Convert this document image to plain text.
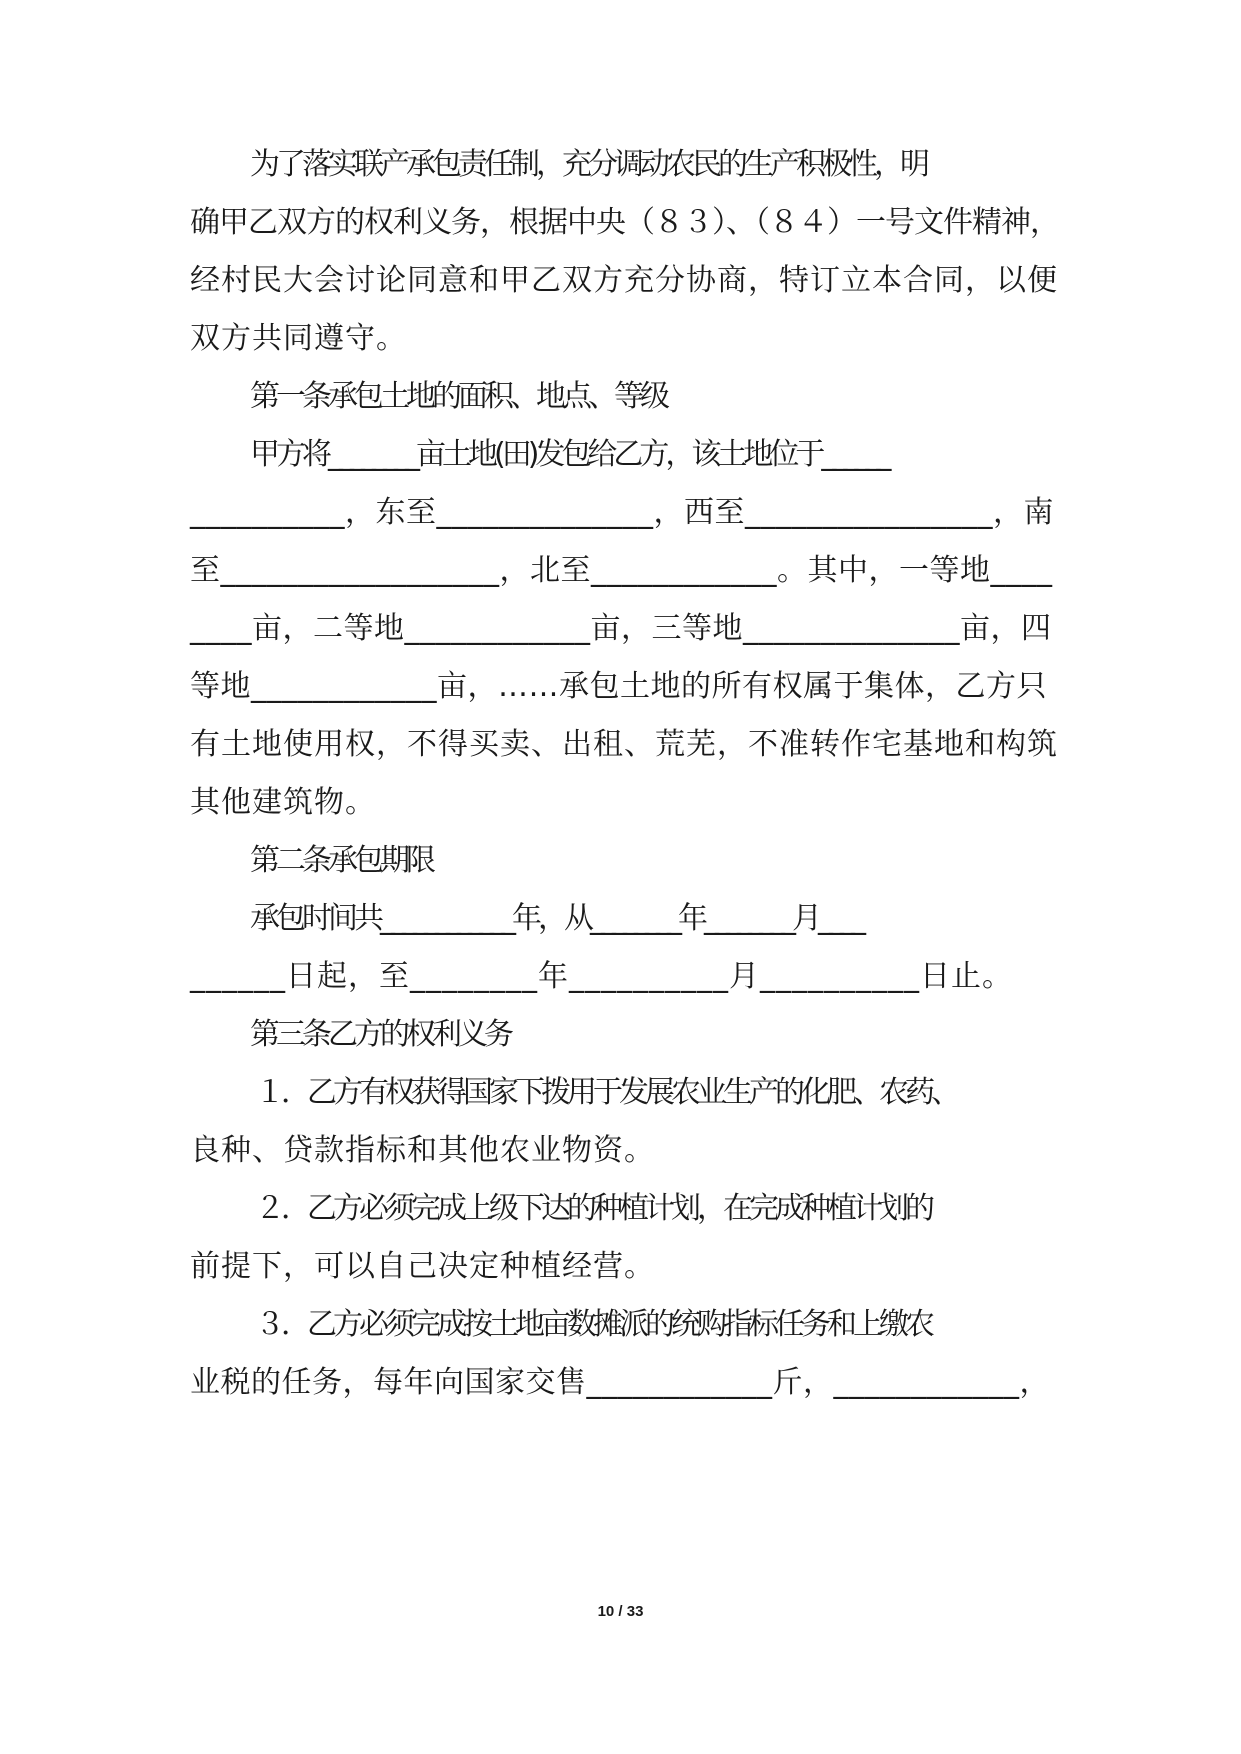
为了落实联产承包责任制，充分调动农民的生产积极性，明
确甲乙双方的权利义务，根据中央（８３）、（８４）一号文件精神，
经村民大会讨论同意和甲乙双方充分协商，特订立本合同，以便
双方共同遵守。
第一条承包土地的面积、地点、等级
甲方将________亩土地(田)发包给乙方，该土地位于______
__________，东至______________，西至________________，南
至__________________，北至____________。其中，一等地____
____亩，二等地____________亩，三等地______________亩，四
等地____________亩，……承包土地的所有权属于集体，乙方只
有土地使用权，不得买卖、出租、荒芜，不准转作宅基地和构筑
其他建筑物。
第二条承包期限
承包时间共____________年，从________年________月____
______日起，至________年__________月__________日止。
第三条乙方的权利义务
１．乙方有权获得国家下拨用于发展农业生产的化肥、农药、
良种、贷款指标和其他农业物资。
２．乙方必须完成上级下达的种植计划，在完成种植计划的
前提下，可以自己决定种植经营。
３．乙方必须完成按土地亩数摊派的统购指标任务和上缴农
业税的任务，每年向国家交售____________斤，____________，
10 / 33
